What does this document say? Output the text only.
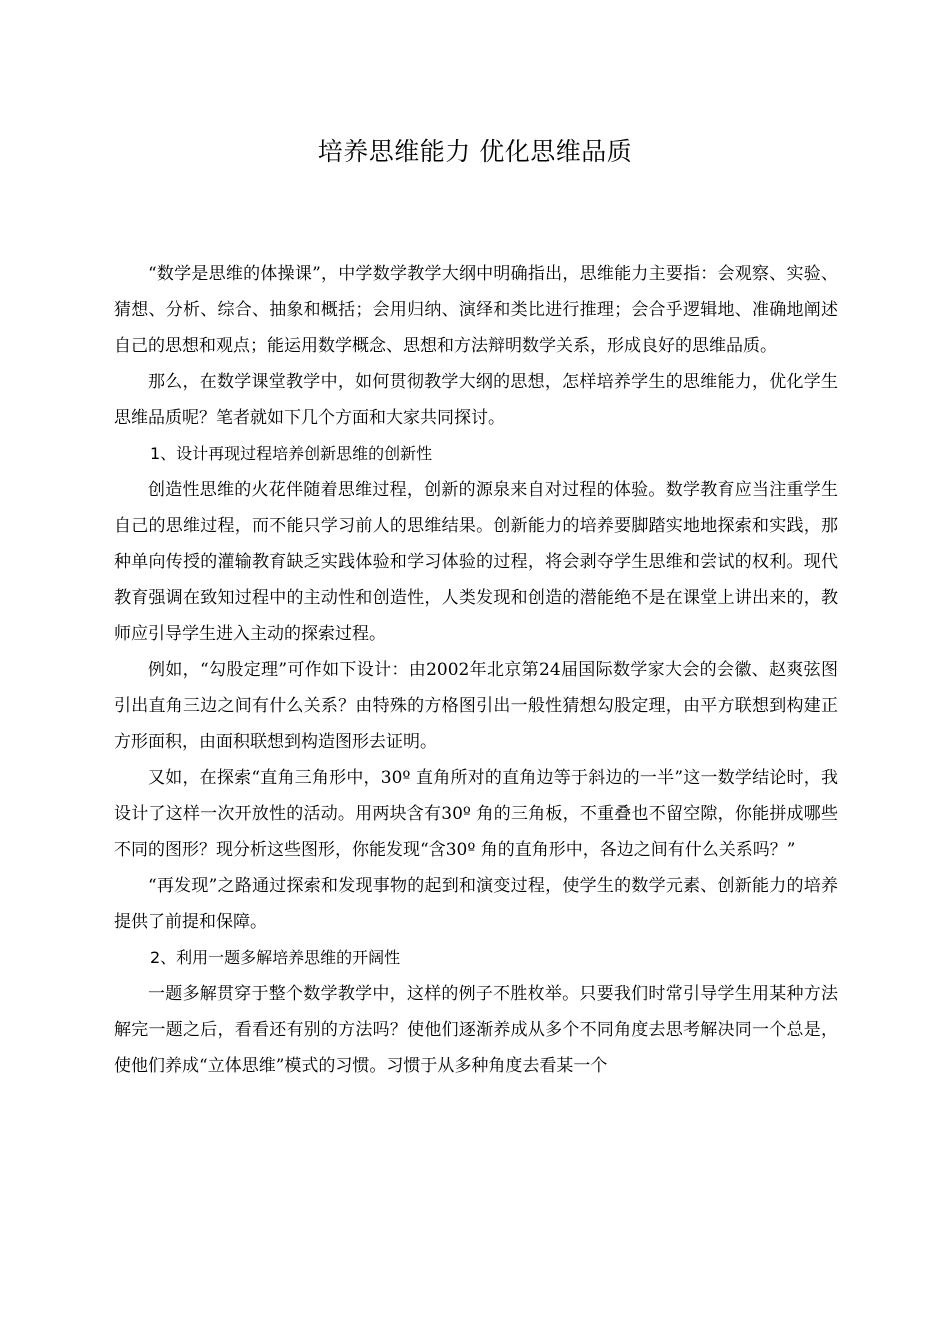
培养思维能力 优化思维品质

“数学是思维的体操课”，中学数学教学大纲中明确指出，思维能力主要指：会观察、实验、猜想、分析、综合、抽象和概括；会用归纳、演绎和类比进行推理；会合乎逻辑地、准确地阐述自己的思想和观点；能运用数学概念、思想和方法辩明数学关系，形成良好的思维品质。

那么，在数学课堂教学中，如何贯彻教学大纲的思想，怎样培养学生的思维能力，优化学生思维品质呢？笔者就如下几个方面和大家共同探讨。

1、设计再现过程培养创新思维的创新性

创造性思维的火花伴随着思维过程，创新的源泉来自对过程的体验。数学教育应当注重学生自己的思维过程，而不能只学习前人的思维结果。创新能力的培养要脚踏实地地探索和实践，那种单向传授的灌输教育缺乏实践体验和学习体验的过程，将会剥夺学生思维和尝试的权利。现代教育强调在致知过程中的主动性和创造性，人类发现和创造的潜能绝不是在课堂上讲出来的，教师应引导学生进入主动的探索过程。

例如，“勾股定理”可作如下设计：由2002年北京第24届国际数学家大会的会徽、赵爽弦图引出直角三边之间有什么关系？由特殊的方格图引出一般性猜想勾股定理，由平方联想到构建正方形面积，由面积联想到构造图形去证明。

又如，在探索“直角三角形中，30º 直角所对的直角边等于斜边的一半”这一数学结论时，我设计了这样一次开放性的活动。用两块含有30º 角的三角板，不重叠也不留空隙，你能拼成哪些不同的图形？现分析这些图形，你能发现“含30º 角的直角形中，各边之间有什么关系吗？”

“再发现”之路通过探索和发现事物的起到和演变过程，使学生的数学元素、创新能力的培养提供了前提和保障。

2、利用一题多解培养思维的开阔性

一题多解贯穿于整个数学教学中，这样的例子不胜枚举。只要我们时常引导学生用某种方法解完一题之后，看看还有别的方法吗？使他们逐渐养成从多个不同角度去思考解决同一个总是，使他们养成“立体思维”模式的习惯。习惯于从多种角度去看某一个
